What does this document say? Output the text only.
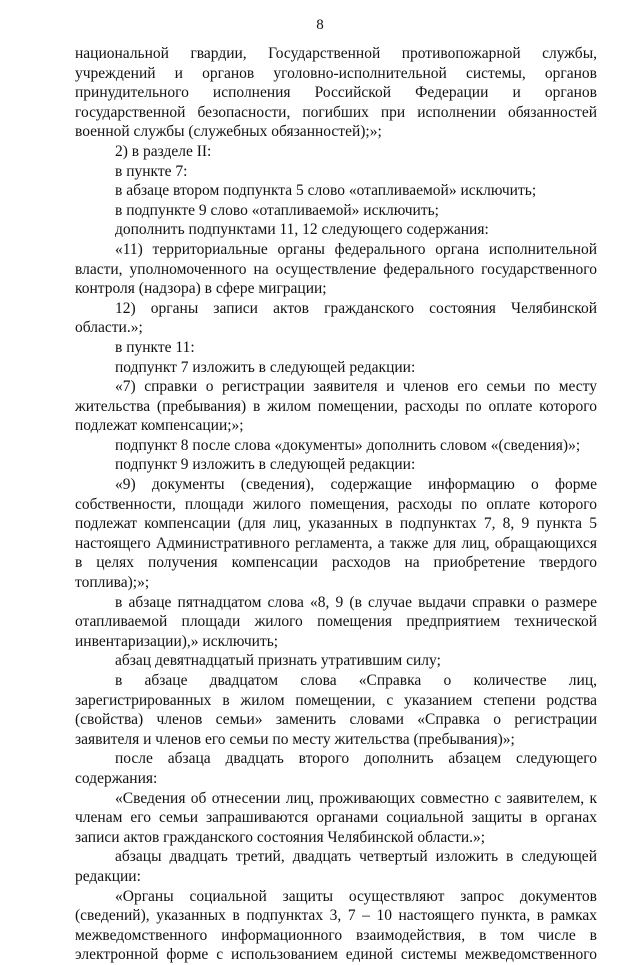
8

национальной гвардии, Государственной противопожарной службы, учреждений и органов уголовно-исполнительной системы, органов принудительного исполнения Российской Федерации и органов государственной безопасности, погибших при исполнении обязанностей военной службы (служебных обязанностей);»;

2) в разделе II:

в пункте 7:

в абзаце втором подпункта 5 слово «отапливаемой» исключить;

в подпункте 9 слово «отапливаемой» исключить;

дополнить подпунктами 11, 12 следующего содержания:

«11) территориальные органы федерального органа исполнительной власти, уполномоченного на осуществление федерального государственного контроля (надзора) в сфере миграции;

12) органы записи актов гражданского состояния Челябинской области.»;

в пункте 11:

подпункт 7 изложить в следующей редакции:

«7) справки о регистрации заявителя и членов его семьи по месту жительства (пребывания) в жилом помещении, расходы по оплате которого подлежат компенсации;»;

подпункт 8 после слова «документы» дополнить словом «(сведения)»;

подпункт 9 изложить в следующей редакции:

«9) документы (сведения), содержащие информацию о форме собственности, площади жилого помещения, расходы по оплате которого подлежат компенсации (для лиц, указанных в подпунктах 7, 8, 9 пункта 5 настоящего Административного регламента, а также для лиц, обращающихся в целях получения компенсации расходов на приобретение твердого топлива);»;

в абзаце пятнадцатом слова «8, 9 (в случае выдачи справки о размере отапливаемой площади жилого помещения предприятием технической инвентаризации),» исключить;

абзац девятнадцатый признать утратившим силу;

в абзаце двадцатом слова «Справка о количестве лиц, зарегистрированных в жилом помещении, с указанием степени родства (свойства) членов семьи» заменить словами «Справка о регистрации заявителя и членов его семьи по месту жительства (пребывания)»;

после абзаца двадцать второго дополнить абзацем следующего содержания:

«Сведения об отнесении лиц, проживающих совместно с заявителем, к членам его семьи запрашиваются органами социальной защиты в органах записи актов гражданского состояния Челябинской области.»;

абзацы двадцать третий, двадцать четвертый изложить в следующей редакции:

«Органы социальной защиты осуществляют запрос документов (сведений), указанных в подпунктах 3, 7 – 10 настоящего пункта, в рамках межведомственного информационного взаимодействия, в том числе в электронной форме с использованием единой системы межведомственного
